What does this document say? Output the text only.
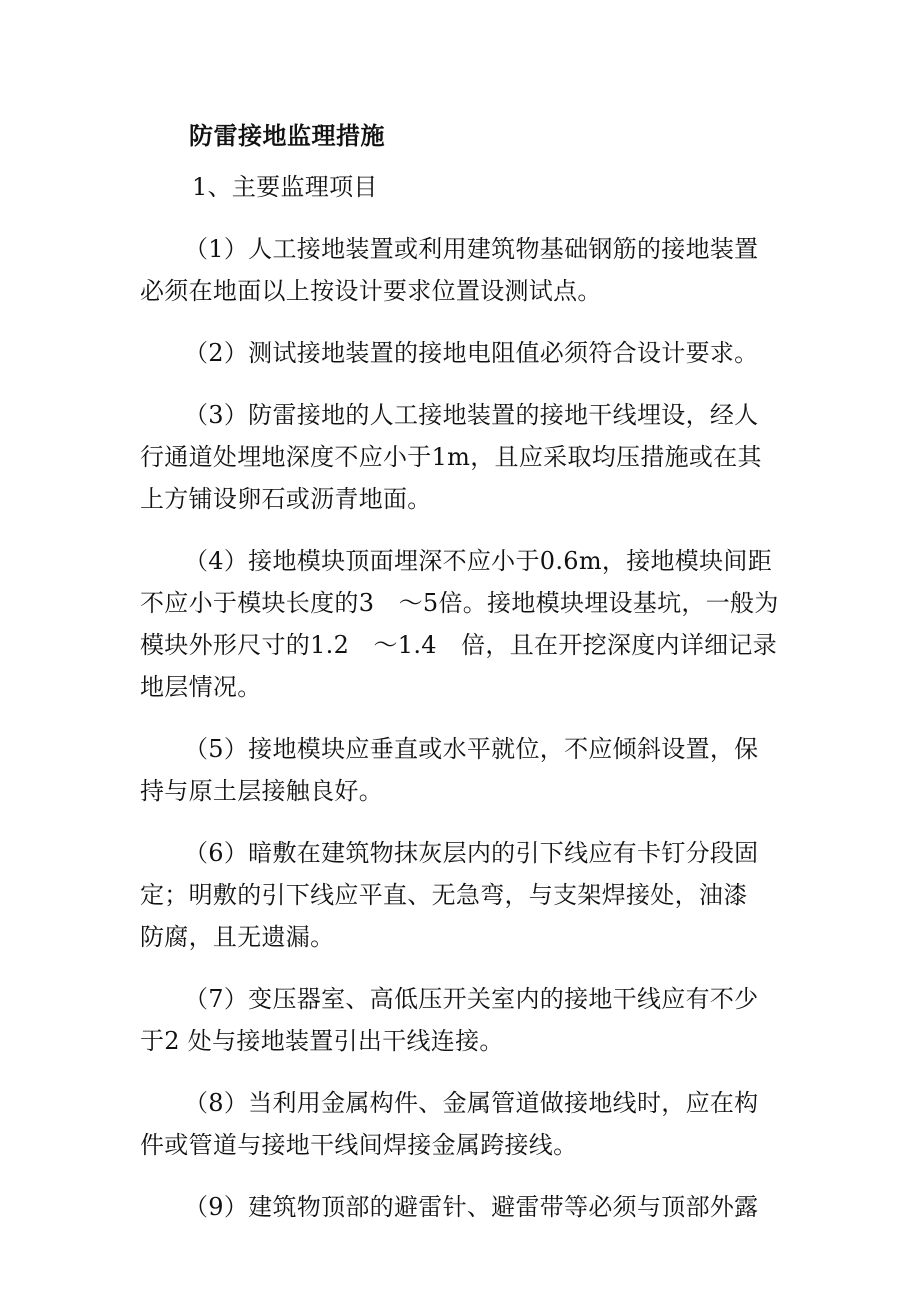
防雷接地监理措施
1、主要监理项目
（1）人工接地装置或利用建筑物基础钢筋的接地装置
必须在地面以上按设计要求位置设测试点。
（2）测试接地装置的接地电阻值必须符合设计要求。
（3）防雷接地的人工接地装置的接地干线埋设，经人
行通道处埋地深度不应小于1m，且应采取均压措施或在其
上方铺设卵石或沥青地面。
（4）接地模块顶面埋深不应小于0.6m，接地模块间距
不应小于模块长度的3　～5倍。接地模块埋设基坑，一般为
模块外形尺寸的1.2　～1.4　倍，且在开挖深度内详细记录
地层情况。
（5）接地模块应垂直或水平就位，不应倾斜设置，保
持与原土层接触良好。
（6）暗敷在建筑物抹灰层内的引下线应有卡钉分段固
定；明敷的引下线应平直、无急弯，与支架焊接处，油漆
防腐，且无遗漏。
（7）变压器室、高低压开关室内的接地干线应有不少
于2 处与接地装置引出干线连接。
（8）当利用金属构件、金属管道做接地线时，应在构
件或管道与接地干线间焊接金属跨接线。
（9）建筑物顶部的避雷针、避雷带等必须与顶部外露
